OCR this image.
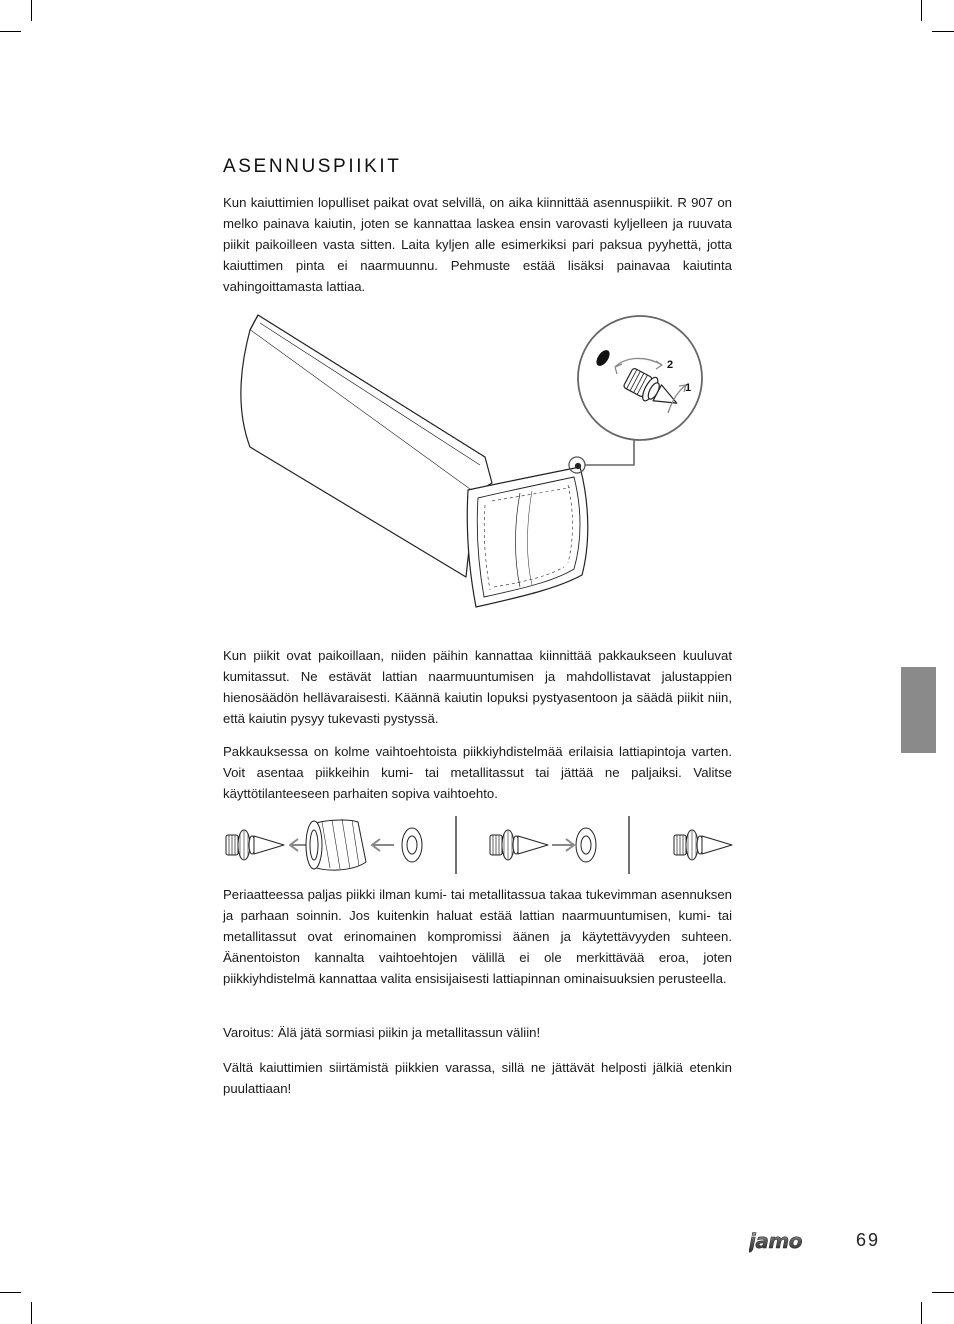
ASENNUSPIIKIT

Kun kaiuttimien lopulliset paikat ovat selvillä, on aika kiinnittää asennuspiikit. R 907 on melko painava kaiutin, joten se kannattaa laskea ensin varovasti kyljelleen ja ruuvata piikit paikoilleen vasta sitten. Laita kyljen alle esimerkiksi pari paksua pyyhettä, jotta kaiuttimen pinta ei naarmuunnu. Pehmuste estää lisäksi painavaa kaiutinta vahingoittamasta lattiaa.

2
1

Kun piikit ovat paikoillaan, niiden päihin kannattaa kiinnittää pakkaukseen kuuluvat kumitassut. Ne estävät lattian naarmuuntumisen ja mahdollistavat jalustappien hienosäädön hellävaraisesti. Käännä kaiutin lopuksi pystyasentoon ja säädä piikit niin, että kaiutin pysyy tukevasti pystyssä.

Pakkauksessa on kolme vaihtoehtoista piikkiyhdistelmää erilaisia lattiapintoja varten. Voit asentaa piikkeihin kumi- tai metallitassut tai jättää ne paljaiksi. Valitse käyttötilanteeseen parhaiten sopiva vaihtoehto.

Periaatteessa paljas piikki ilman kumi- tai metallitassua takaa tukevimman asennuksen ja parhaan soinnin. Jos kuitenkin haluat estää lattian naarmuuntumisen, kumi- tai metallitassut ovat erinomainen kompromissi äänen ja käytettävyyden suhteen. Äänentoiston kannalta vaihtoehtojen välillä ei ole merkittävää eroa, joten piikkiyhdistelmä kannattaa valita ensisijaisesti lattiapinnan ominaisuuksien perusteella.

Varoitus: Älä jätä sormiasi piikin ja metallitassun väliin!

Vältä kaiuttimien siirtämistä piikkien varassa, sillä ne jättävät helposti jälkiä etenkin puulattiaan!

jamo	69
